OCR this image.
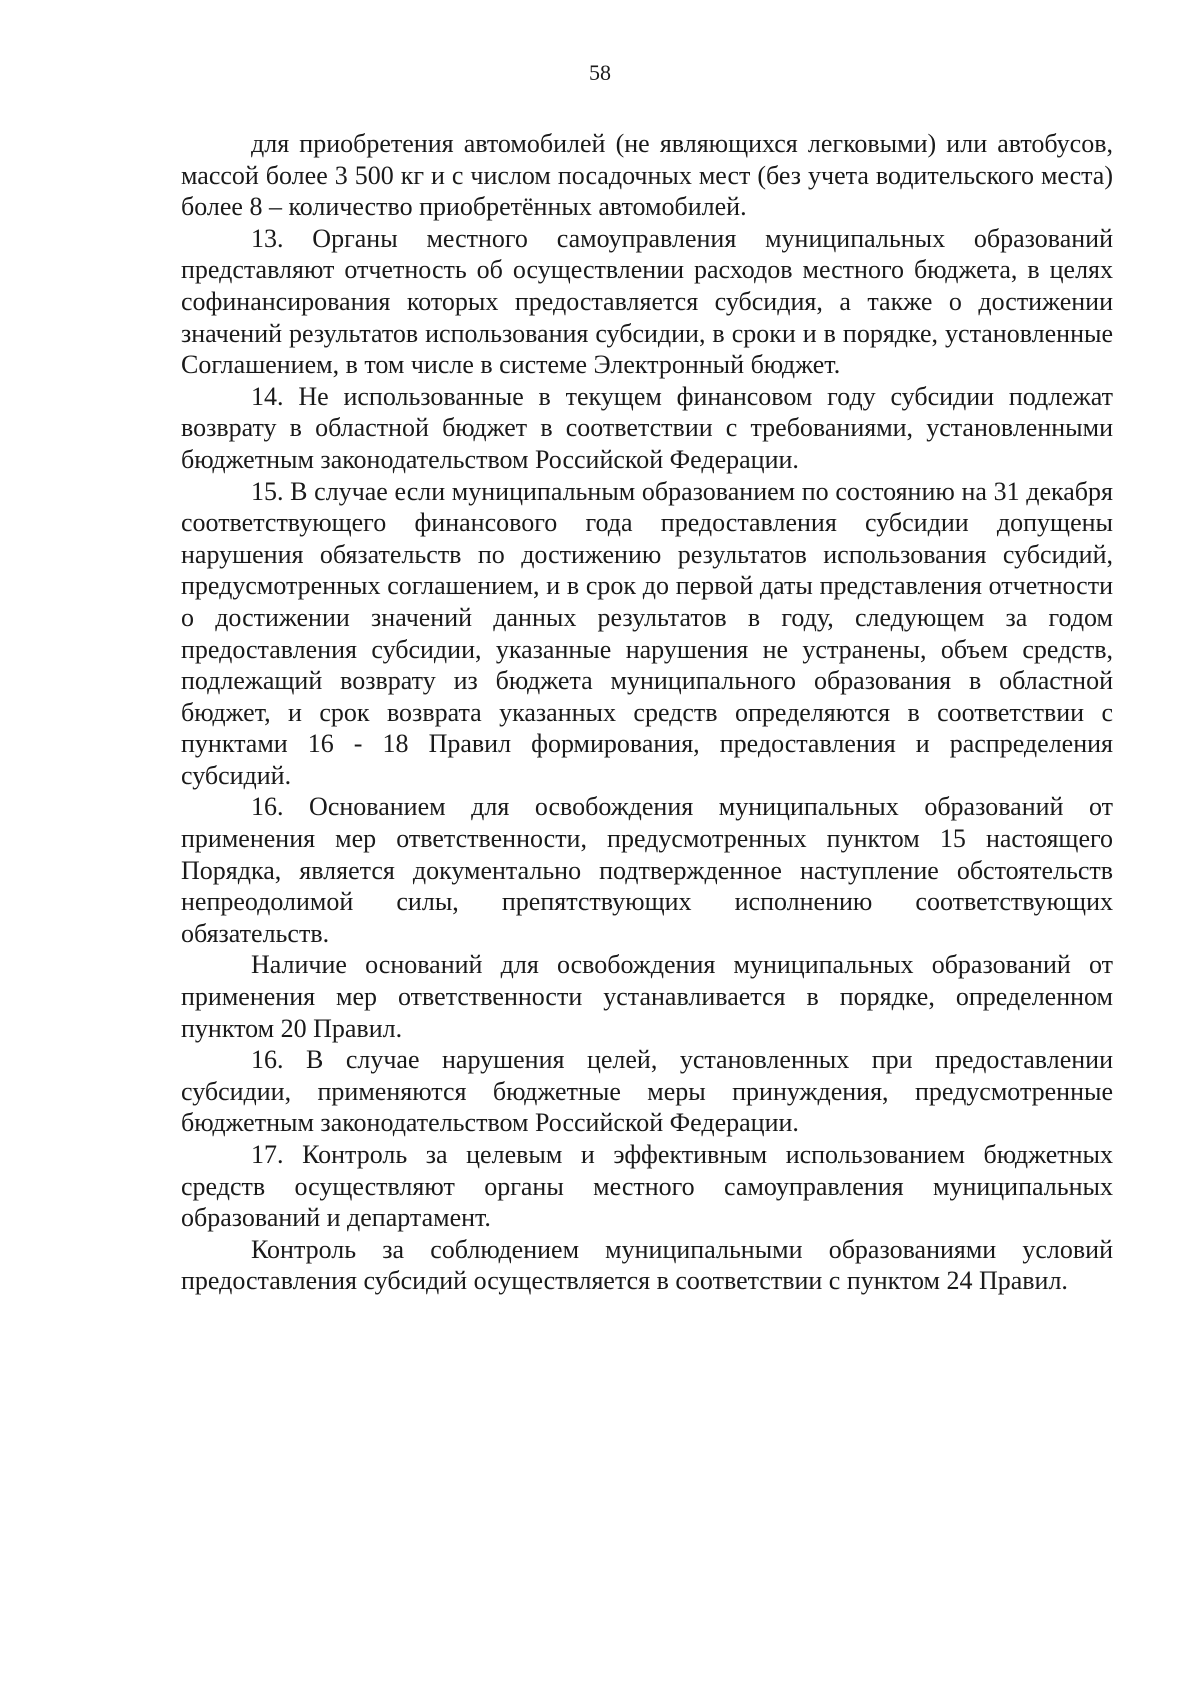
58

для приобретения автомобилей (не являющихся легковыми) или автобусов, массой более 3 500 кг и с числом посадочных мест (без учета водительского места) более 8 – количество приобретённых автомобилей.

13. Органы местного самоуправления муниципальных образований представляют отчетность об осуществлении расходов местного бюджета, в целях софинансирования которых предоставляется субсидия, а также о достижении значений результатов использования субсидии, в сроки и в порядке, установленные Соглашением, в том числе в системе Электронный бюджет.

14. Не использованные в текущем финансовом году субсидии подлежат возврату в областной бюджет в соответствии с требованиями, установленными бюджетным законодательством Российской Федерации.

15. В случае если муниципальным образованием по состоянию на 31 декабря соответствующего финансового года предоставления субсидии допущены нарушения обязательств по достижению результатов использования субсидий, предусмотренных соглашением, и в срок до первой даты представления отчетности о достижении значений данных результатов в году, следующем за годом предоставления субсидии, указанные нарушения не устранены, объем средств, подлежащий возврату из бюджета муниципального образования в областной бюджет, и срок возврата указанных средств определяются в соответствии с пунктами 16 - 18 Правил формирования, предоставления и распределения субсидий.

16. Основанием для освобождения муниципальных образований от применения мер ответственности, предусмотренных пунктом 15 настоящего Порядка, является документально подтвержденное наступление обстоятельств непреодолимой силы, препятствующих исполнению соответствующих обязательств.

Наличие оснований для освобождения муниципальных образований от применения мер ответственности устанавливается в порядке, определенном пунктом 20 Правил.

16. В случае нарушения целей, установленных при предоставлении субсидии, применяются бюджетные меры принуждения, предусмотренные бюджетным законодательством Российской Федерации.

17. Контроль за целевым и эффективным использованием бюджетных средств осуществляют органы местного самоуправления муниципальных образований и департамент.

Контроль за соблюдением муниципальными образованиями условий предоставления субсидий осуществляется в соответствии с пунктом 24 Правил.
